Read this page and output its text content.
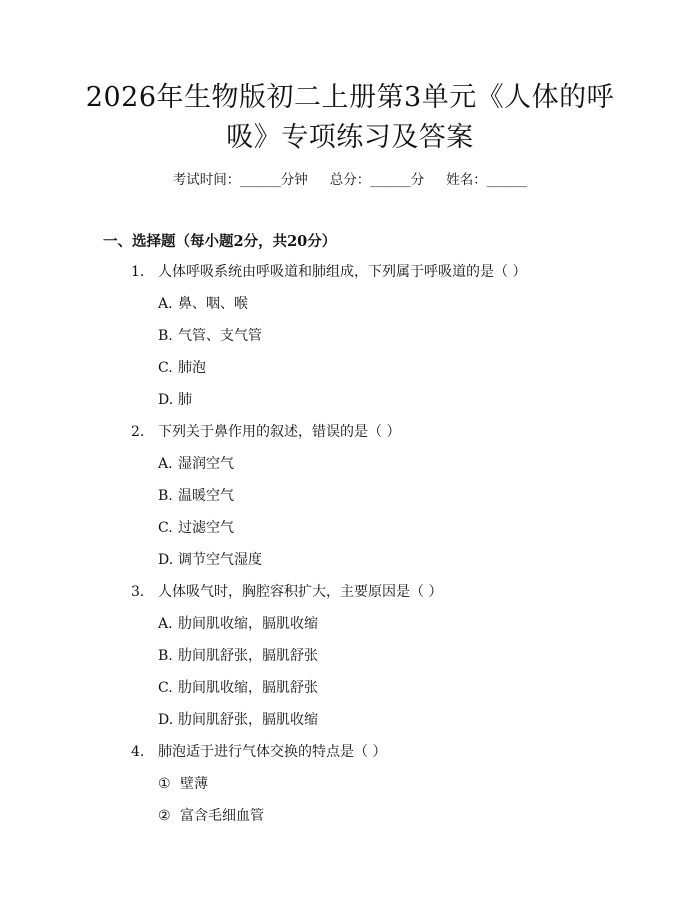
2026年生物版初二上册第3单元《人体的呼
吸》专项练习及答案
考试时间：______分钟 总分：______分 姓名：______
一、选择题（每小题2分，共20分）
1. 人体呼吸系统由呼吸道和肺组成，下列属于呼吸道的是（ ）
A. 鼻、咽、喉
B. 气管、支气管
C. 肺泡
D. 肺
2. 下列关于鼻作用的叙述，错误的是（ ）
A. 湿润空气
B. 温暖空气
C. 过滤空气
D. 调节空气湿度
3. 人体吸气时，胸腔容积扩大，主要原因是（ ）
A. 肋间肌收缩，膈肌收缩
B. 肋间肌舒张，膈肌舒张
C. 肋间肌收缩，膈肌舒张
D. 肋间肌舒张，膈肌收缩
4. 肺泡适于进行气体交换的特点是（ ）
① 壁薄
② 富含毛细血管
